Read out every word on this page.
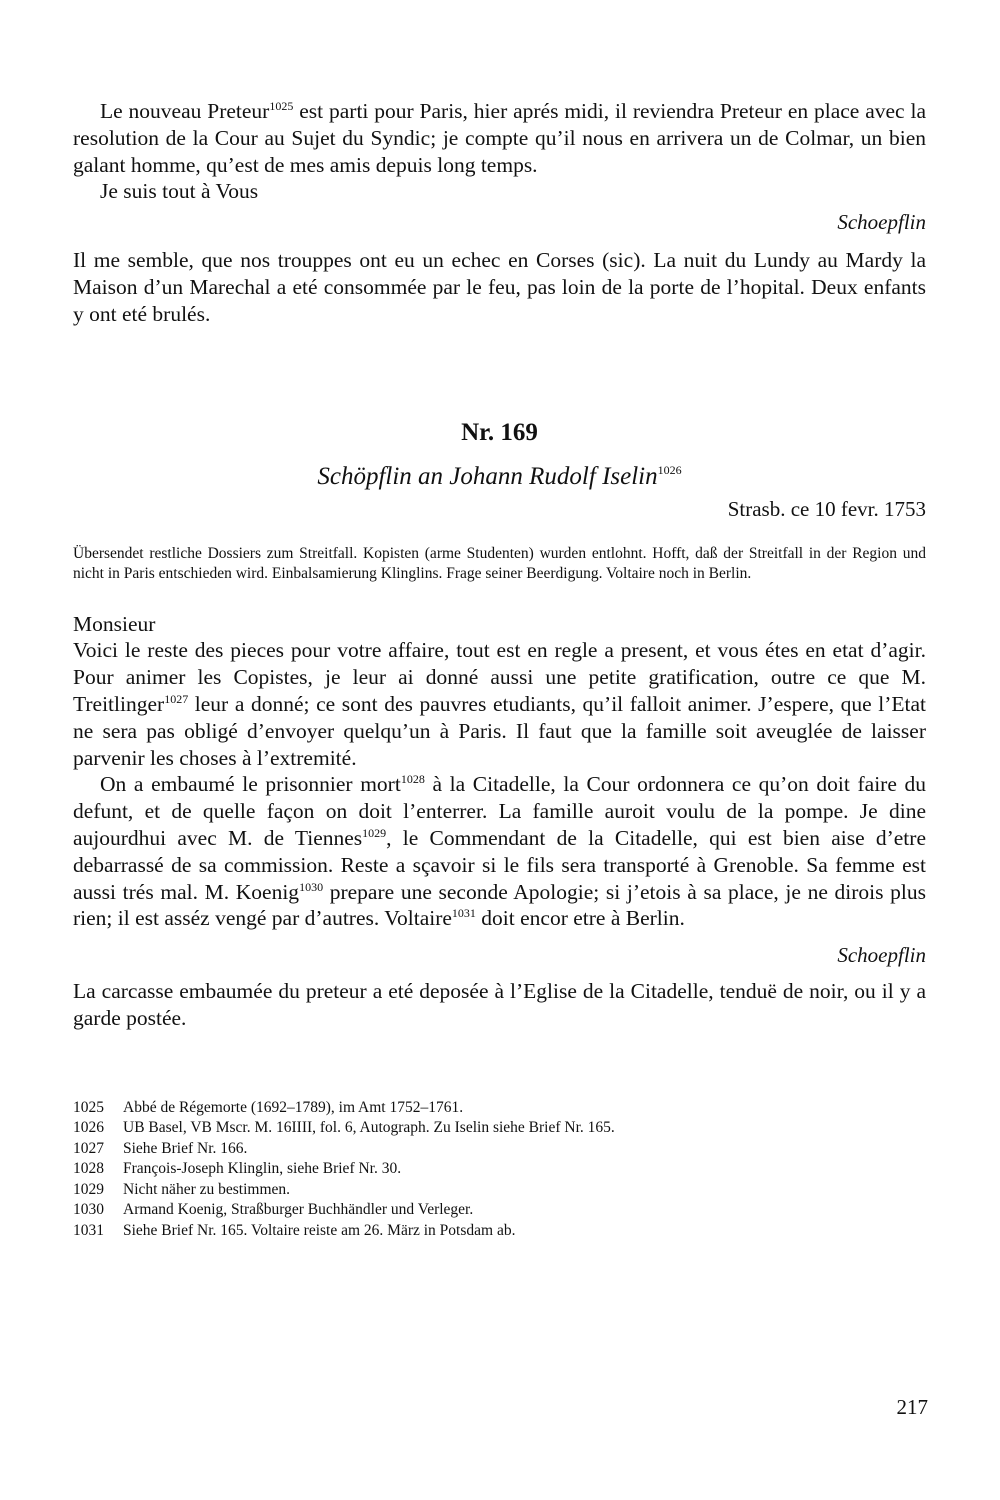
Le nouveau Preteur$^{1025}$ est parti pour Paris, hier aprés midi, il reviendra Preteur en place avec la resolution de la Cour au Sujet du Syndic; je compte qu’il nous en arrivera un de Colmar, un bien galant homme, qu’est de mes amis depuis long temps.

Je suis tout à Vous

Schoepflin

Il me semble, que nos trouppes ont eu un echec en Corses (sic). La nuit du Lundy au Mardy la Maison d’un Marechal a eté consommée par le feu, pas loin de la porte de l’hopital. Deux enfants y ont eté brulés.

Nr. 169

Schöpflin an Johann Rudolf Iselin$^{1026}$

Strasb. ce 10 fevr. 1753

Übersendet restliche Dossiers zum Streitfall. Kopisten (arme Studenten) wurden entlohnt. Hofft, daß der Streitfall in der Region und nicht in Paris entschieden wird. Einbalsamierung Klinglins. Frage seiner Beerdigung. Voltaire noch in Berlin.

Monsieur

Voici le reste des pieces pour votre affaire, tout est en regle a present, et vous étes en etat d’agir. Pour animer les Copistes, je leur ai donné aussi une petite gratification, outre ce que M. Treitlinger$^{1027}$ leur a donné; ce sont des pauvres etudiants, qu’il falloit animer. J’espere, que l’Etat ne sera pas obligé d’envoyer quelqu’un à Paris. Il faut que la famille soit aveuglée de laisser parvenir les choses à l’extremité.

On a embaumé le prisonnier mort$^{1028}$ à la Citadelle, la Cour ordonnera ce qu’on doit faire du defunt, et de quelle façon on doit l’enterrer. La famille auroit voulu de la pompe. Je dine aujourdhui avec M. de Tiennes$^{1029}$, le Commendant de la Citadelle, qui est bien aise d’etre debarrassé de sa commission. Reste a sçavoir si le fils sera transporté à Grenoble. Sa femme est aussi trés mal. M. Koenig$^{1030}$ prepare une seconde Apologie; si j’etois à sa place, je ne dirois plus rien; il est asséz vengé par d’autres. Voltaire$^{1031}$ doit encor etre à Berlin.

Schoepflin

La carcasse embaumée du preteur a eté deposée à l’Eglise de la Citadelle, tenduë de noir, ou il y a garde postée.

1025	Abbé de Régemorte (1692–1789), im Amt 1752–1761.
1026	UB Basel, VB Mscr. M. 16IIII, fol. 6, Autograph. Zu Iselin siehe Brief Nr. 165.
1027	Siehe Brief Nr. 166.
1028	François-Joseph Klinglin, siehe Brief Nr. 30.
1029	Nicht näher zu bestimmen.
1030	Armand Koenig, Straßburger Buchhändler und Verleger.
1031	Siehe Brief Nr. 165. Voltaire reiste am 26. März in Potsdam ab.
217
